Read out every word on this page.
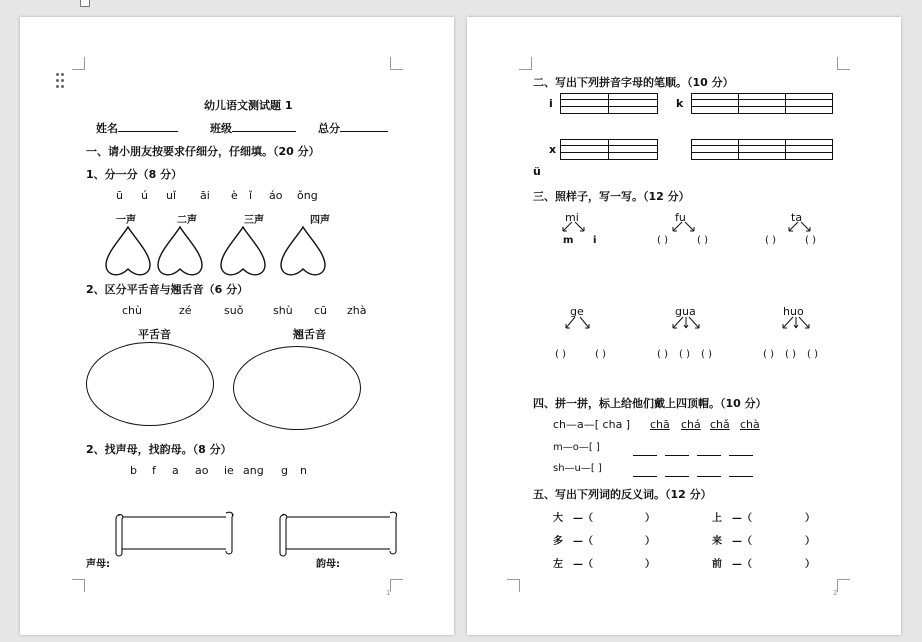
幼儿语文测试题 1
姓名	班级	总分
一、请小朋友按要求仔细分，仔细填。（20 分）
1、分一分（8 分）
ū ú uǐ āi è ǐ áo ǒng
一声	二声	三声	四声
2、区分平舌音与翘舌音（6 分）
chù	zé	suǒ	shù cū zhà
平舌音	翘舌音
2、找声母，找韵母。（8 分）
b f a ao ie ang g n
声母:	韵母:
1
二、写出下列拼音字母的笔顺。（10 分）
i	k
x
ü
三、照样子，写一写。（12 分）
mi
m i
fu
( )	( )
ta
( )	( )
ge
( )	( )
gua
( ) ( ) ( )
huo
( ) ( ) ( )
四、拼一拼，标上给他们戴上四顶帽。（10 分）
ch—a—[ cha ] chā chá chǎ chà
m—o—[ ]
sh—u—[ ]
五、写出下列词的反义词。（12 分）
大 —（	）	上 —（	）
多 —（	）	来 —（	）
左 —（	）	前 —（	）
2
